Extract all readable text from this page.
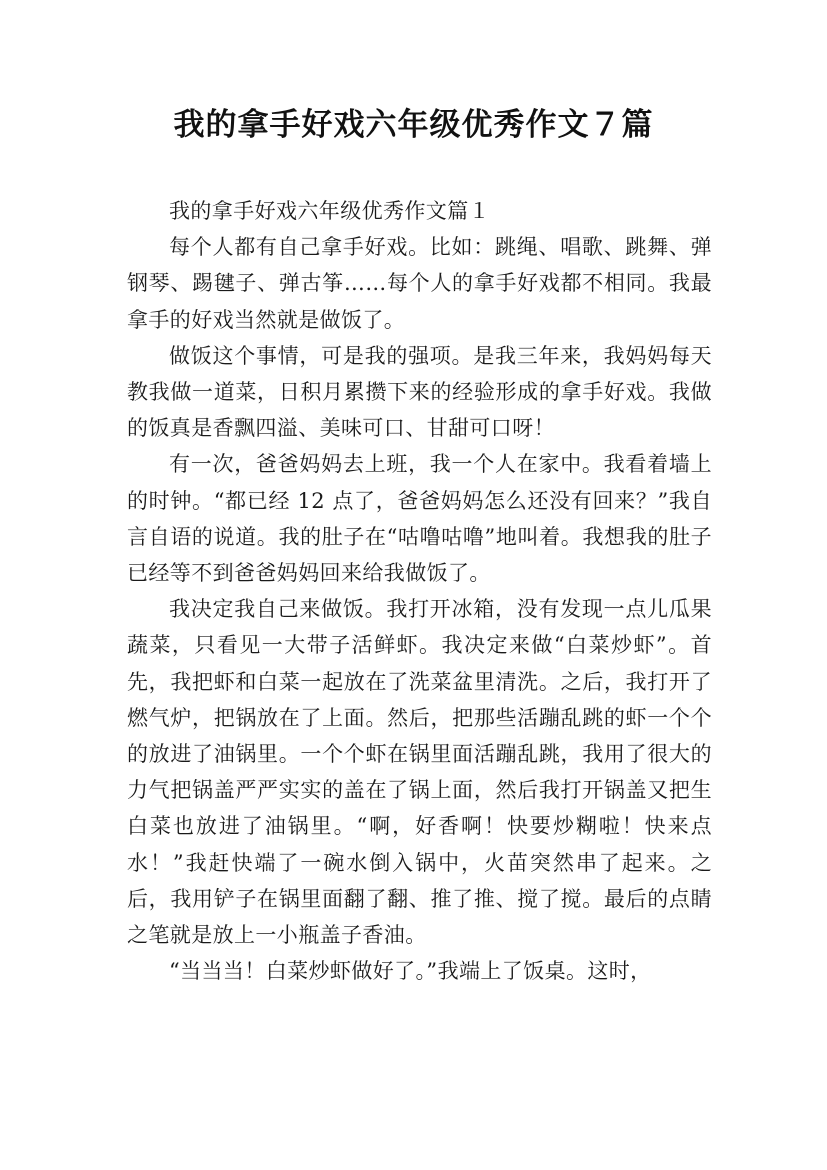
我的拿手好戏六年级优秀作文７篇

我的拿手好戏六年级优秀作文篇１

每个人都有自己拿手好戏。比如：跳绳、唱歌、跳舞、弹钢琴、踢毽子、弹古筝……每个人的拿手好戏都不相同。我最拿手的好戏当然就是做饭了。

做饭这个事情，可是我的强项。是我三年来，我妈妈每天教我做一道菜，日积月累攒下来的经验形成的拿手好戏。我做的饭真是香飘四溢、美味可口、甘甜可口呀！

有一次，爸爸妈妈去上班，我一个人在家中。我看着墙上的时钟。“都已经 12 点了，爸爸妈妈怎么还没有回来？”我自言自语的说道。我的肚子在“咕噜咕噜”地叫着。我想我的肚子已经等不到爸爸妈妈回来给我做饭了。

我决定我自己来做饭。我打开冰箱，没有发现一点儿瓜果蔬菜，只看见一大带子活鲜虾。我决定来做“白菜炒虾”。首先，我把虾和白菜一起放在了洗菜盆里清洗。之后，我打开了燃气炉，把锅放在了上面。然后，把那些活蹦乱跳的虾一个个的放进了油锅里。一个个虾在锅里面活蹦乱跳，我用了很大的力气把锅盖严严实实的盖在了锅上面，然后我打开锅盖又把生白菜也放进了油锅里。“啊，好香啊！快要炒糊啦！快来点水！”我赶快端了一碗水倒入锅中，火苗突然串了起来。之后，我用铲子在锅里面翻了翻、推了推、搅了搅。最后的点睛之笔就是放上一小瓶盖子香油。

“当当当！白菜炒虾做好了。”我端上了饭桌。这时，
